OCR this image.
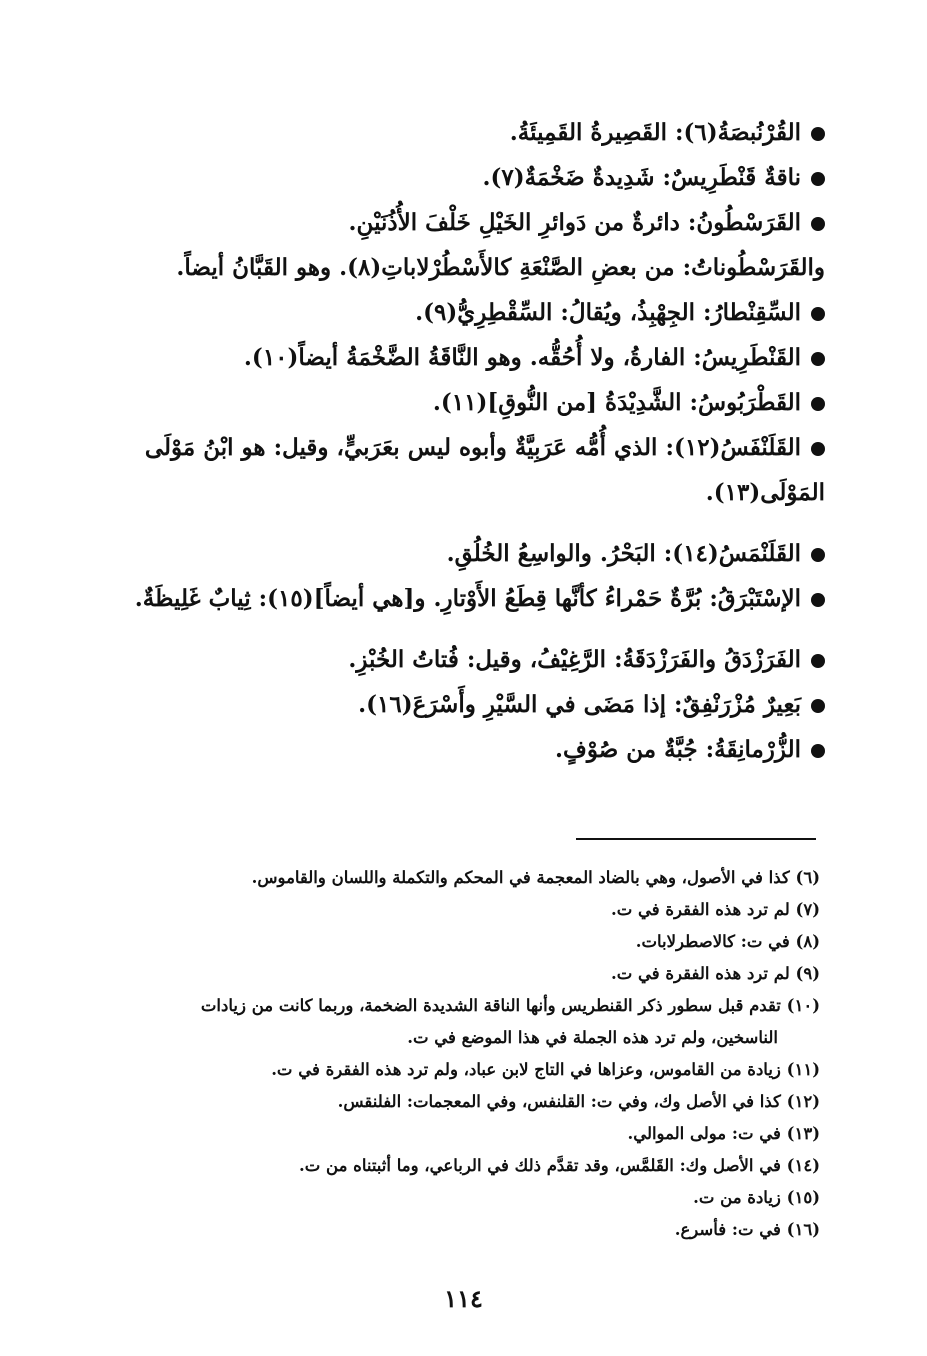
القُرْنُبصَةُ(٦): القَصِيرةُ القَمِيئَةُ.

ناقةٌ قَنْطَرِيسٌ: شَدِيدةٌ ضَخْمَةٌ(٧).

القَرَسْطُونُ: دائرةٌ من دَوائرِ الخَيْلِ خَلْفَ الأُذُنَيْنِ.

والقَرَسْطُوناتُ: من بعضِ الصَّنْعَةِ كالأَسْطُرْلاباتِ(٨). وهو القَبَّانُ أيضاً.

السِّقِنْطارُ: الجِهْبِذُ، ويُقالُ: السِّقْطِرِيُّ(٩).

القَنْطَرِيسُ: الفارةُ، ولا أُحُقُّه. وهو النَّاقَةُ الضَّخْمَةُ أيضاً(١٠).

القَطْرَبُوسُ: الشَّدِيْدَةُ [من النُّوقِ](١١).

القَلَنْفَسُ(١٢): الذي أُمُّه عَرَبِيَّةٌ وأبوه ليس بعَرَبيٍّ، وقيل: هو ابْنُ مَوْلَى المَوْلَى(١٣).

القَلَنْمَسُ(١٤): البَحْرُ. والواسِعُ الخُلُقِ.

الإسْتَبْرَقُ: بُرَّةٌ حَمْراءُ كأنَّها قِطَعُ الأَوْتارِ. و[هي أيضاً](١٥): ثِيابٌ غَلِيظَةٌ.

الفَرَزْدَقُ والفَرَزْدَقَةُ: الرَّغِيْفُ، وقيل: فُتاتُ الخُبْزِ.

بَعِيرٌ مُزْرَنْفِقٌ: إذا مَضَى في السَّيْرِ وأَسْرَعَ(١٦).

الزُّرْمانِقَةُ: جُبَّةٌ من صُوْفٍ.

(٦) كذا في الأصول، وهي بالضاد المعجمة في المحكم والتكملة واللسان والقاموس.

(٧) لم ترد هذه الفقرة في ت.

(٨) في ت: كالاصطرلابات.

(٩) لم ترد هذه الفقرة في ت.

(١٠) تقدم قبل سطور ذكر القنطريس وأنها الناقة الشديدة الضخمة، وربما كانت من زيادات

الناسخين، ولم ترد هذه الجملة في هذا الموضع في ت.

(١١) زيادة من القاموس، وعزاها في التاج لابن عباد، ولم ترد هذه الفقرة في ت.

(١٢) كذا في الأصل وك، وفي ت: القلنفس، وفي المعجمات: الفلنقس.

(١٣) في ت: مولى الموالي.

(١٤) في الأصل وك: القَلمَّس، وقد تقدَّم ذلك في الرباعي، وما أثبتناه من ت.

(١٥) زيادة من ت.

(١٦) في ت: فأسرع.

١١٤
